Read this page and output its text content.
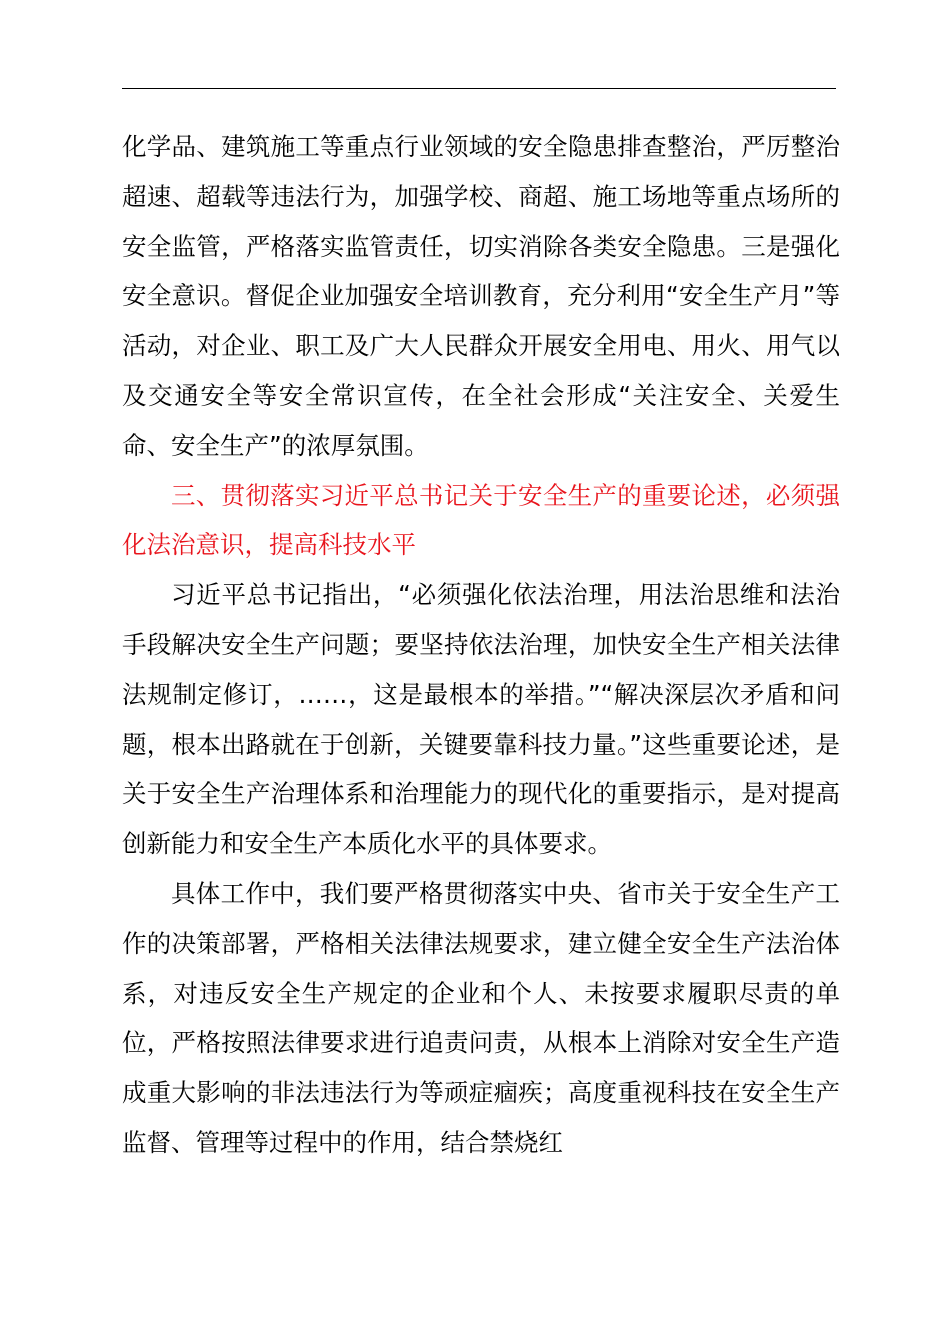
化学品、建筑施工等重点行业领域的安全隐患排查整治，严厉整治超速、超载等违法行为，加强学校、商超、施工场地等重点场所的安全监管，严格落实监管责任，切实消除各类安全隐患。三是强化安全意识。督促企业加强安全培训教育，充分利用“安全生产月”等活动，对企业、职工及广大人民群众开展安全用电、用火、用气以及交通安全等安全常识宣传，在全社会形成“关注安全、关爱生命、安全生产”的浓厚氛围。

三、贯彻落实习近平总书记关于安全生产的重要论述，必须强化法治意识，提高科技水平

习近平总书记指出，“必须强化依法治理，用法治思维和法治手段解决安全生产问题；要坚持依法治理，加快安全生产相关法律法规制定修订，……，这是最根本的举措。”“解决深层次矛盾和问题，根本出路就在于创新，关键要靠科技力量。”这些重要论述，是关于安全生产治理体系和治理能力的现代化的重要指示，是对提高创新能力和安全生产本质化水平的具体要求。

具体工作中，我们要严格贯彻落实中央、省市关于安全生产工作的决策部署，严格相关法律法规要求，建立健全安全生产法治体系，对违反安全生产规定的企业和个人、未按要求履职尽责的单位，严格按照法律要求进行追责问责，从根本上消除对安全生产造成重大影响的非法违法行为等顽症痼疾；高度重视科技在安全生产监督、管理等过程中的作用，结合禁烧红
